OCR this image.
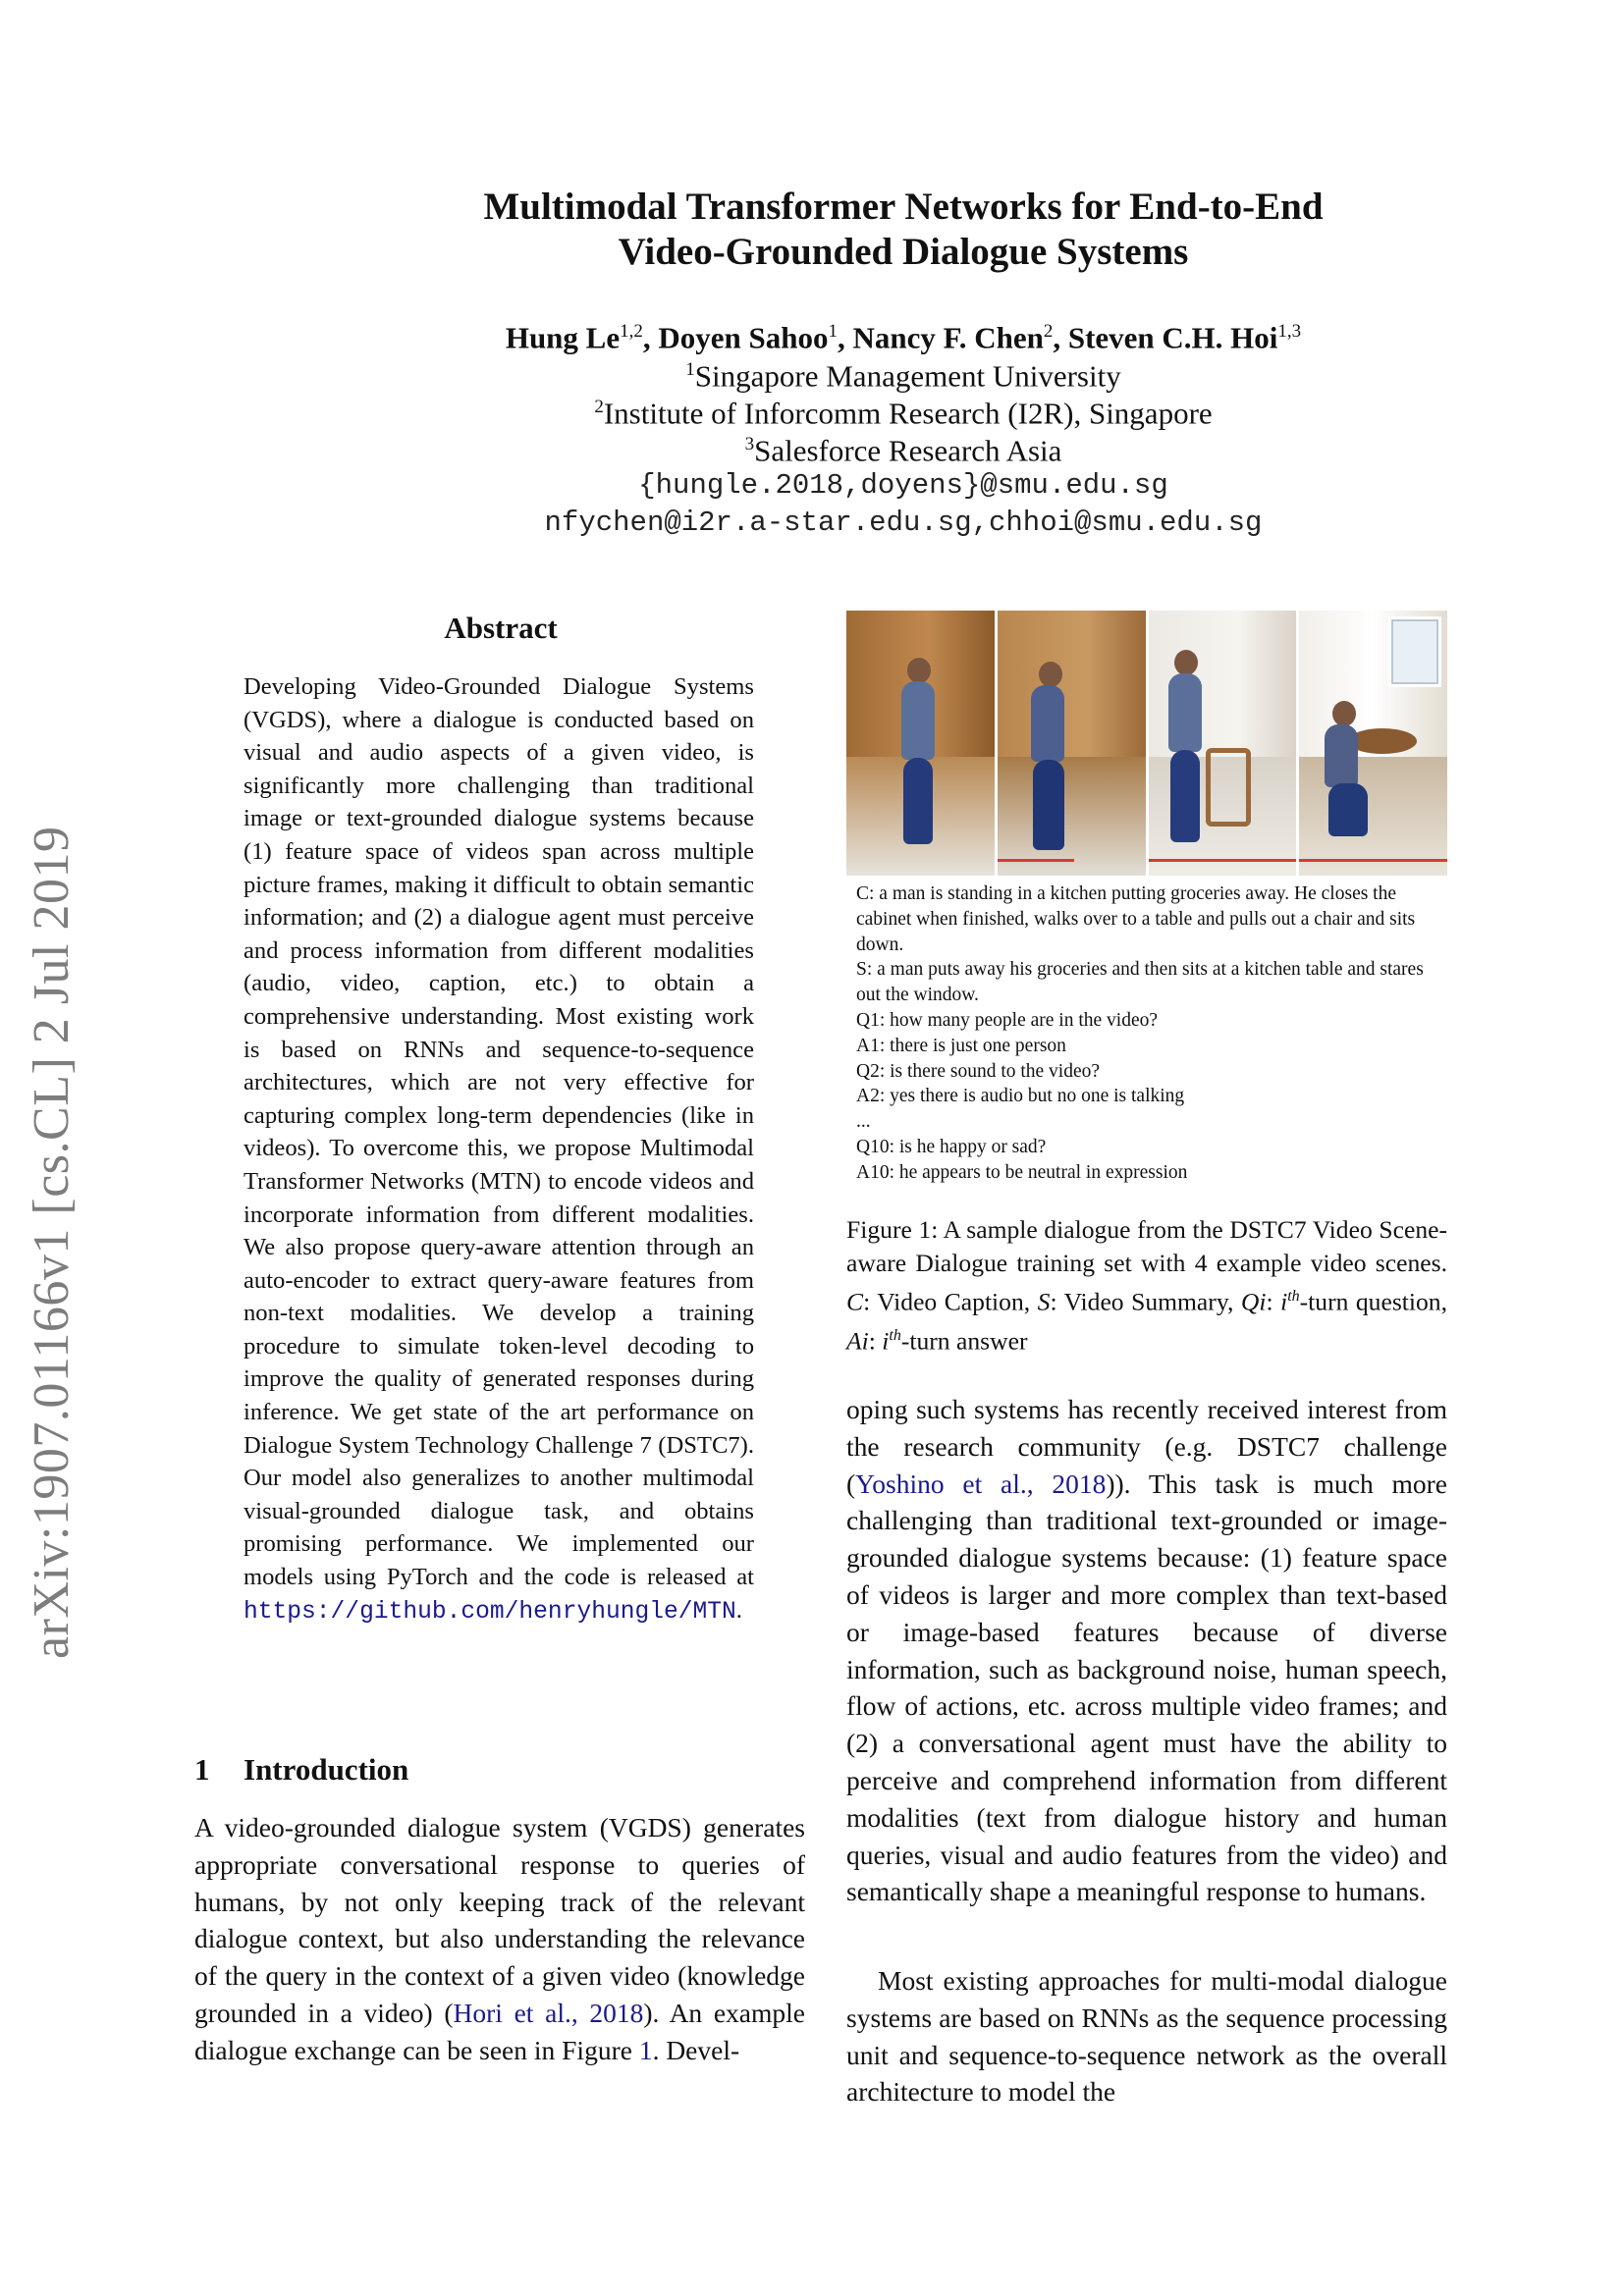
arXiv:1907.01166v1 [cs.CL] 2 Jul 2019
Multimodal Transformer Networks for End-to-End
Video-Grounded Dialogue Systems
Hung Le$^{1,2}$, Doyen Sahoo$^1$, Nancy F. Chen$^2$, Steven C.H. Hoi$^{1,3}$
$^1$Singapore Management University
$^2$Institute of Inforcomm Research (I2R), Singapore
$^3$Salesforce Research Asia
{hungle.2018,doyens}@smu.edu.sg
nfychen@i2r.a-star.edu.sg,chhoi@smu.edu.sg
Abstract
Developing Video-Grounded Dialogue Systems (VGDS), where a dialogue is conducted based on visual and audio aspects of a given video, is significantly more challenging than traditional image or text-grounded dialogue systems because (1) feature space of videos span across multiple picture frames, making it difficult to obtain semantic information; and (2) a dialogue agent must perceive and process information from different modalities (audio, video, caption, etc.) to obtain a comprehensive understanding. Most existing work is based on RNNs and sequence-to-sequence architectures, which are not very effective for capturing complex long-term dependencies (like in videos). To overcome this, we propose Multimodal Transformer Networks (MTN) to encode videos and incorporate information from different modalities. We also propose query-aware attention through an auto-encoder to extract query-aware features from non-text modalities. We develop a training procedure to simulate token-level decoding to improve the quality of generated responses during inference. We get state of the art performance on Dialogue System Technology Challenge 7 (DSTC7). Our model also generalizes to another multimodal visual-grounded dialogue task, and obtains promising performance. We implemented our models using PyTorch and the code is released at https://github.com/henryhungle/MTN.
1 Introduction
A video-grounded dialogue system (VGDS) generates appropriate conversational response to queries of humans, by not only keeping track of the relevant dialogue context, but also understanding the relevance of the query in the context of a given video (knowledge grounded in a video) (Hori et al., 2018). An example dialogue exchange can be seen in Figure 1. Devel-
C: a man is standing in a kitchen putting groceries away. He closes the cabinet when finished, walks over to a table and pulls out a chair and sits down.
S: a man puts away his groceries and then sits at a kitchen table and stares out the window.
Q1: how many people are in the video?
A1: there is just one person
Q2: is there sound to the video?
A2: yes there is audio but no one is talking
...
Q10: is he happy or sad?
A10: he appears to be neutral in expression
Figure 1: A sample dialogue from the DSTC7 Video Scene-aware Dialogue training set with 4 example video scenes. C: Video Caption, S: Video Summary, Qi: $i^{th}$-turn question, Ai: $i^{th}$-turn answer
oping such systems has recently received interest from the research community (e.g. DSTC7 challenge (Yoshino et al., 2018)). This task is much more challenging than traditional text-grounded or image-grounded dialogue systems because: (1) feature space of videos is larger and more complex than text-based or image-based features because of diverse information, such as background noise, human speech, flow of actions, etc. across multiple video frames; and (2) a conversational agent must have the ability to perceive and comprehend information from different modalities (text from dialogue history and human queries, visual and audio features from the video) and semantically shape a meaningful response to humans.
Most existing approaches for multi-modal dialogue systems are based on RNNs as the sequence processing unit and sequence-to-sequence network as the overall architecture to model the
